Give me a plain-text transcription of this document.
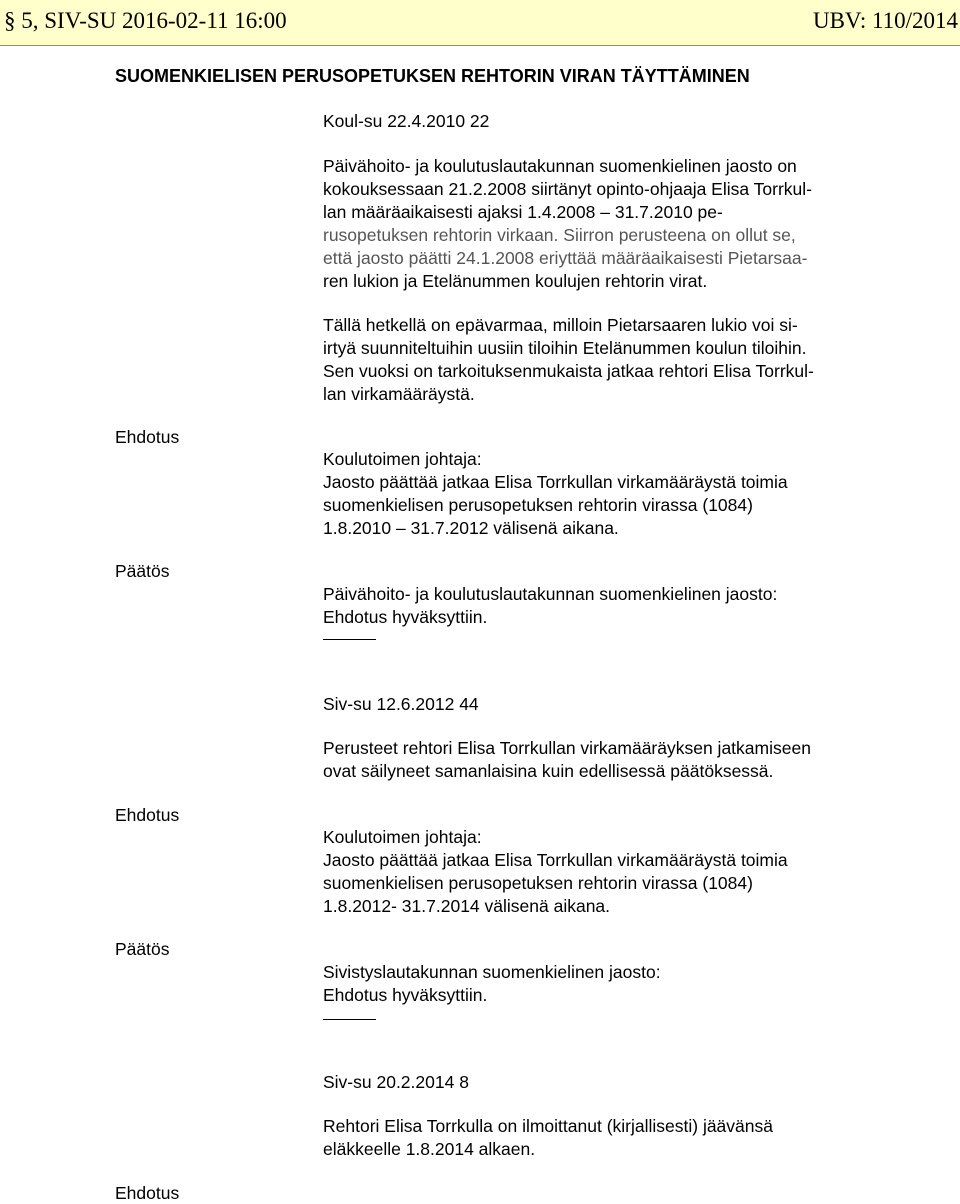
§ 5, SIV-SU 2016-02-11 16:00	UBV: 110/2014
SUOMENKIELISEN PERUSOPETUKSEN REHTORIN VIRAN TÄYTTÄMINEN
Koul-su 22.4.2010 22
Päivähoito- ja koulutuslautakunnan suomenkielinen jaosto on
kokouksessaan 21.2.2008 siirtänyt opinto-ohjaaja Elisa Torrkul-
lan määräaikaisesti ajaksi 1.4.2008 – 31.7.2010 pe-
rusopetuksen rehtorin virkaan. Siirron perusteena on ollut se,
että jaosto päätti 24.1.2008 eriyttää määräaikaisesti Pietarsaa-
ren lukion ja Etelänummen koulujen rehtorin virat.
Tällä hetkellä on epävarmaa, milloin Pietarsaaren lukio voi si-
irtyä suunniteltuihin uusiin tiloihin Etelänummen koulun tiloihin.
Sen vuoksi on tarkoituksenmukaista jatkaa rehtori Elisa Torrkul-
lan virkamääräystä.
Ehdotus
Koulutoimen johtaja:
Jaosto päättää jatkaa Elisa Torrkullan virkamääräystä toimia
suomenkielisen perusopetuksen rehtorin virassa (1084)
1.8.2010 – 31.7.2012 välisenä aikana.
Päätös
Päivähoito- ja koulutuslautakunnan suomenkielinen jaosto:
Ehdotus hyväksyttiin.
Siv-su 12.6.2012 44
Perusteet rehtori Elisa Torrkullan virkamääräyksen jatkamiseen
ovat säilyneet samanlaisina kuin edellisessä päätöksessä.
Ehdotus
Koulutoimen johtaja:
Jaosto päättää jatkaa Elisa Torrkullan virkamääräystä toimia
suomenkielisen perusopetuksen rehtorin virassa (1084)
1.8.2012- 31.7.2014 välisenä aikana.
Päätös
Sivistyslautakunnan suomenkielinen jaosto:
Ehdotus hyväksyttiin.
Siv-su 20.2.2014 8
Rehtori Elisa Torrkulla on ilmoittanut (kirjallisesti) jäävänsä
eläkkeelle 1.8.2014 alkaen.
Ehdotus
